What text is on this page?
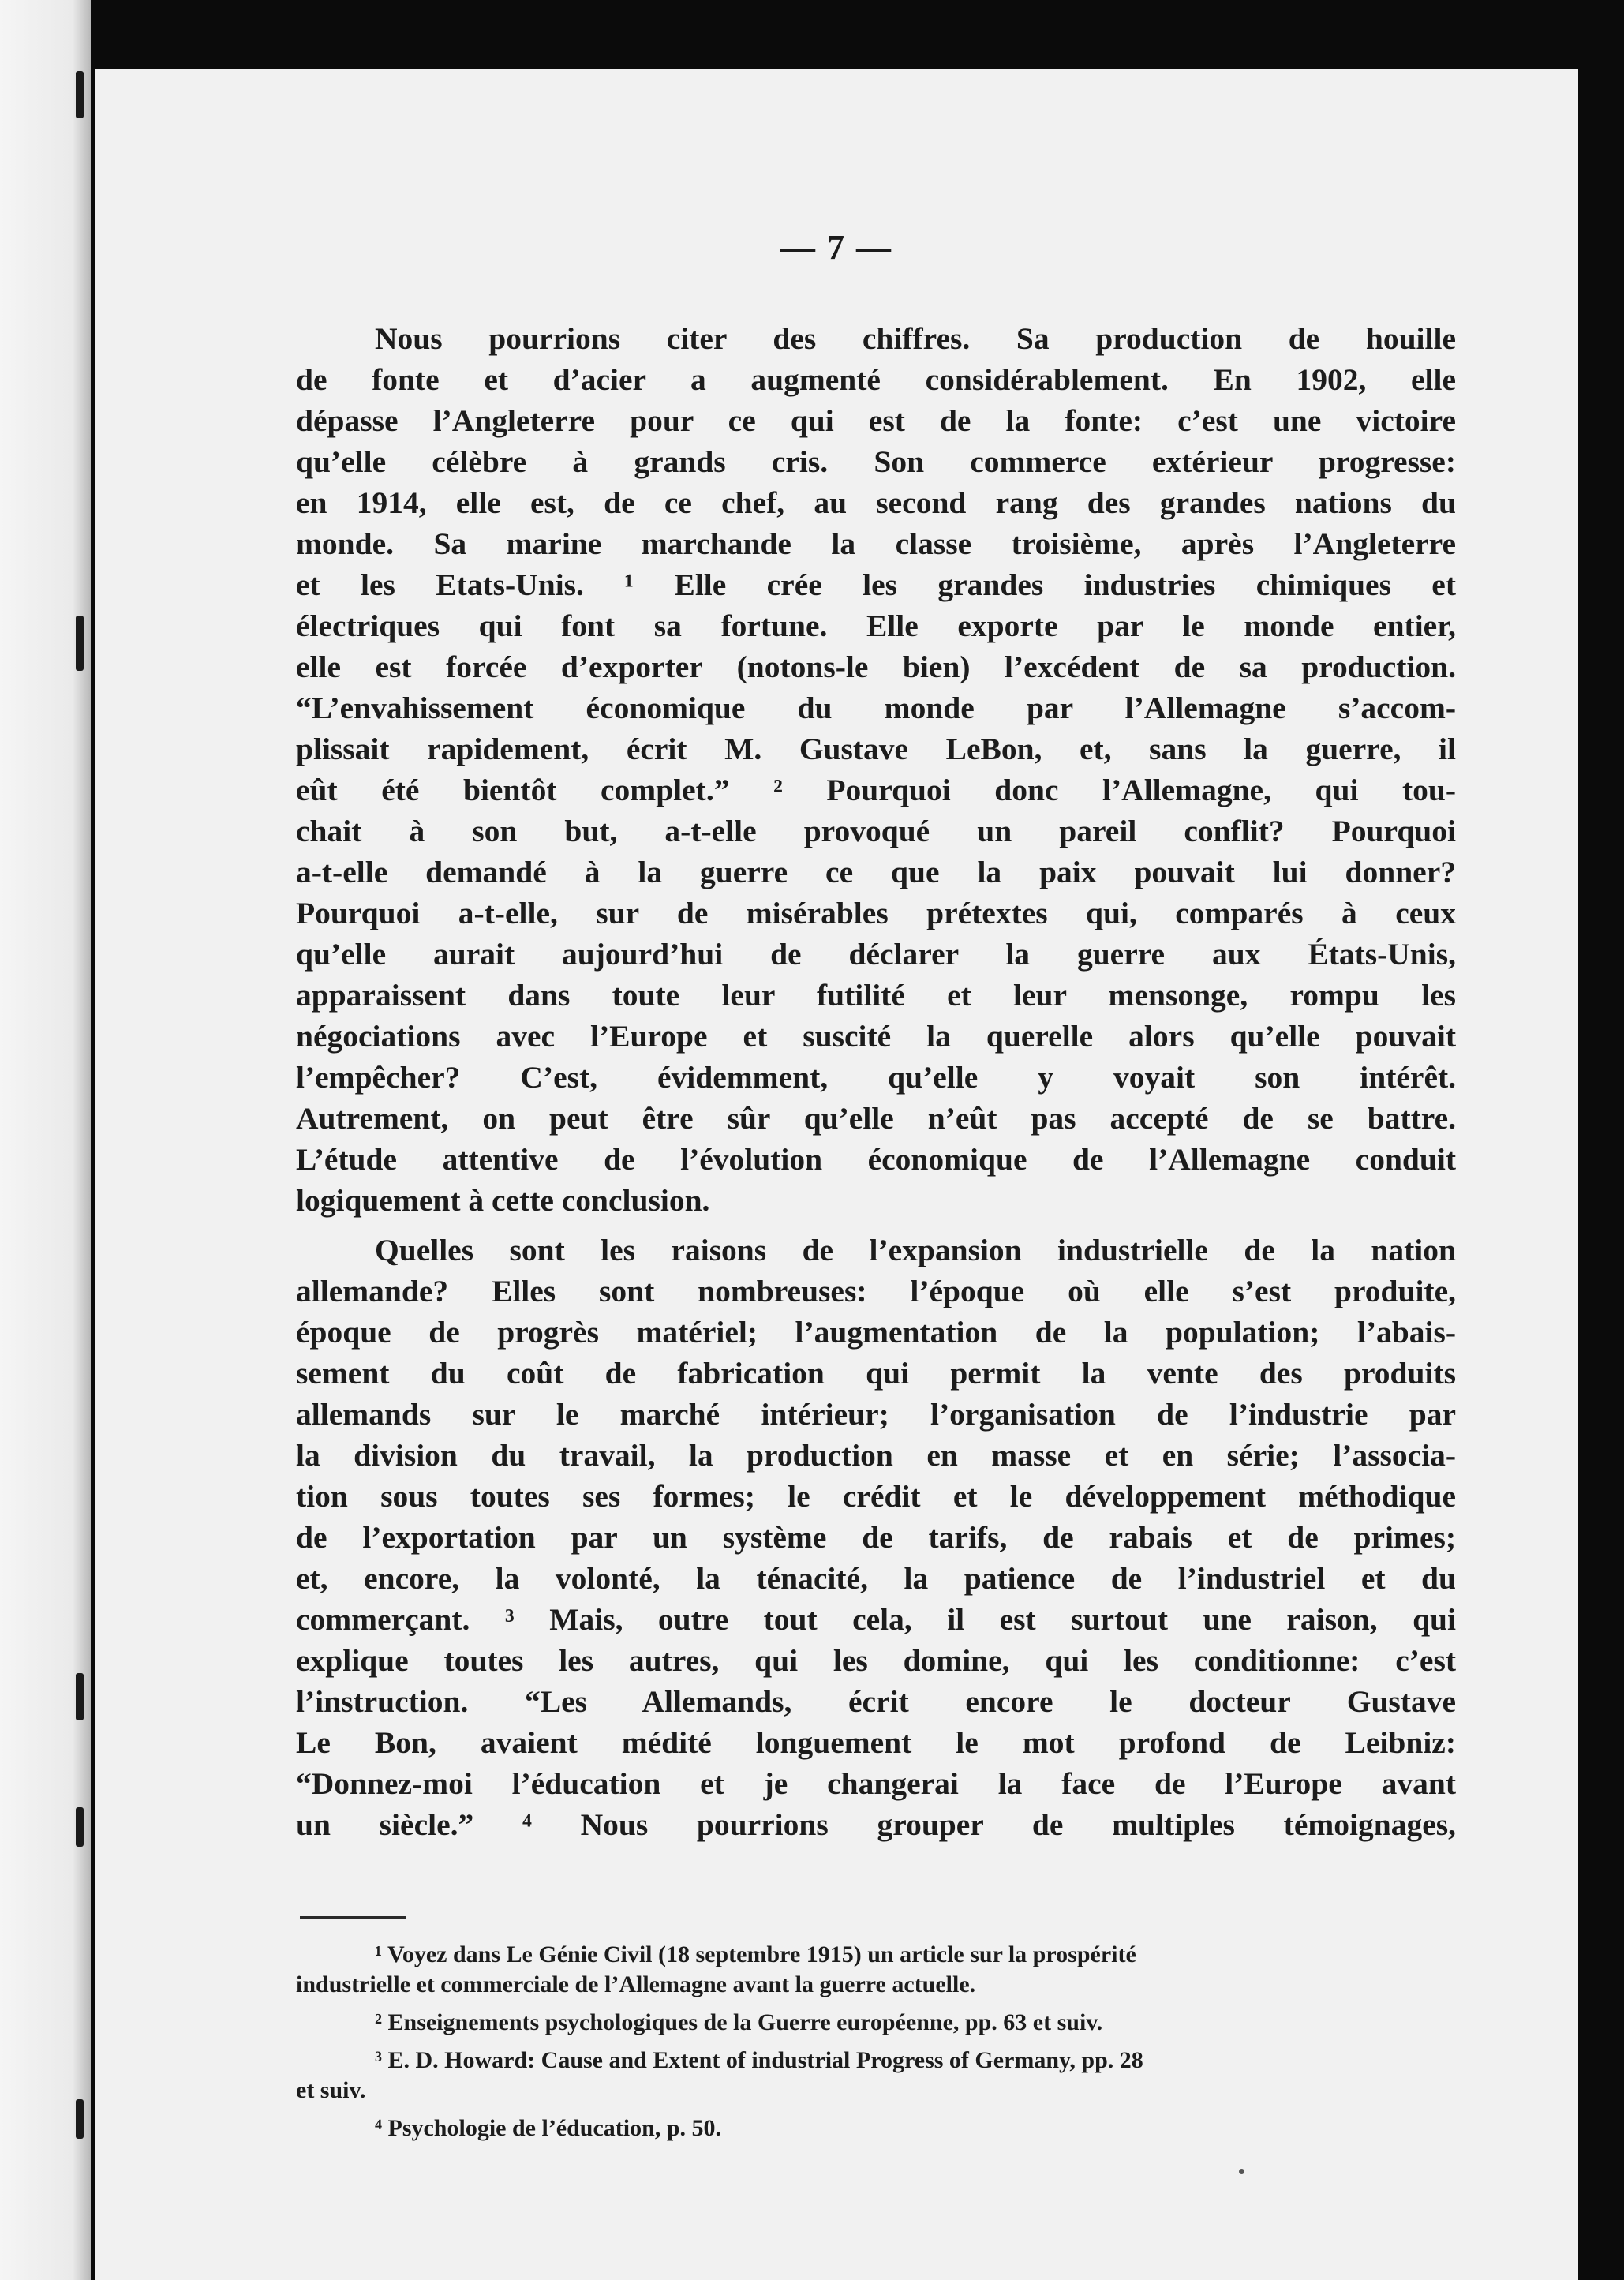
— 7 —
Nous pourrions citer des chiffres. Sa production de houille
de fonte et d’acier a augmenté considérablement. En 1902, elle
dépasse l’Angleterre pour ce qui est de la fonte: c’est une victoire
qu’elle célèbre à grands cris. Son commerce extérieur progresse:
en 1914, elle est, de ce chef, au second rang des grandes nations du
monde. Sa marine marchande la classe troisième, après l’Angleterre
et les Etats-Unis. ¹ Elle crée les grandes industries chimiques et
électriques qui font sa fortune. Elle exporte par le monde entier,
elle est forcée d’exporter (notons-le bien) l’excédent de sa production.
“L’envahissement économique du monde par l’Allemagne s’accom-
plissait rapidement, écrit M. Gustave LeBon, et, sans la guerre, il
eût été bientôt complet.” ² Pourquoi donc l’Allemagne, qui tou-
chait à son but, a-t-elle provoqué un pareil conflit? Pourquoi
a-t-elle demandé à la guerre ce que la paix pouvait lui donner?
Pourquoi a-t-elle, sur de misérables prétextes qui, comparés à ceux
qu’elle aurait aujourd’hui de déclarer la guerre aux États-Unis,
apparaissent dans toute leur futilité et leur mensonge, rompu les
négociations avec l’Europe et suscité la querelle alors qu’elle pouvait
l’empêcher? C’est, évidemment, qu’elle y voyait son intérêt.
Autrement, on peut être sûr qu’elle n’eût pas accepté de se battre.
L’étude attentive de l’évolution économique de l’Allemagne conduit
logiquement à cette conclusion.
Quelles sont les raisons de l’expansion industrielle de la nation
allemande? Elles sont nombreuses: l’époque où elle s’est produite,
époque de progrès matériel; l’augmentation de la population; l’abais-
sement du coût de fabrication qui permit la vente des produits
allemands sur le marché intérieur; l’organisation de l’industrie par
la division du travail, la production en masse et en série; l’associa-
tion sous toutes ses formes; le crédit et le développement méthodique
de l’exportation par un système de tarifs, de rabais et de primes;
et, encore, la volonté, la ténacité, la patience de l’industriel et du
commerçant. ³ Mais, outre tout cela, il est surtout une raison, qui
explique toutes les autres, qui les domine, qui les conditionne: c’est
l’instruction. “Les Allemands, écrit encore le docteur Gustave
Le Bon, avaient médité longuement le mot profond de Leibniz:
“Donnez-moi l’éducation et je changerai la face de l’Europe avant
un siècle.” ⁴ Nous pourrions grouper de multiples témoignages,
¹ Voyez dans Le Génie Civil (18 septembre 1915) un article sur la prospérité
industrielle et commerciale de l’Allemagne avant la guerre actuelle.
² Enseignements psychologiques de la Guerre européenne, pp. 63 et suiv.
³ E. D. Howard: Cause and Extent of industrial Progress of Germany, pp. 28
et suiv.
⁴ Psychologie de l’éducation, p. 50.
